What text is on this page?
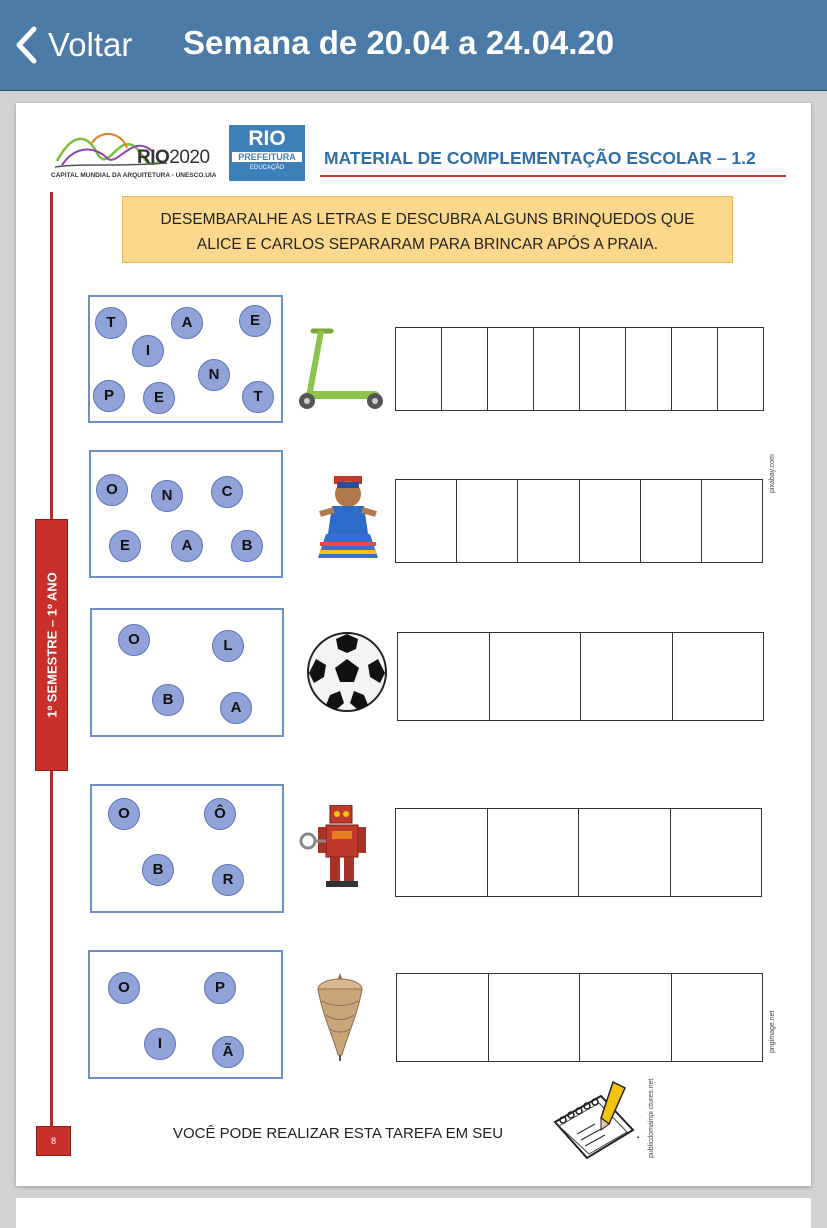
Voltar Semana de 20.04 a 24.04.20
RIO2020
CAPITAL MUNDIAL DA ARQUITETURA - UNESCO.UIA
RIO
PREFEITURA
EDUCAÇÃO	MATERIAL DE COMPLEMENTAÇÃO ESCOLAR – 1.2
1º SEMESTRE – 1º ANO
8
DESEMBARALHE AS LETRAS E DESCUBRA ALGUNS BRINQUEDOS QUE
ALICE E CARLOS SEPARARAM PARA BRINCAR APÓS A PRAIA.
T	A	E
I
N
P	E	T
O	N	C
E	A	B
pixabay.com
O	L
B	A
O	Ô
B
R
O	P
I	Ã	pngimage.net
VOCÊ PODE REALIZAR ESTA TAREFA EM SEU	. publicdomainpi ctures.net
